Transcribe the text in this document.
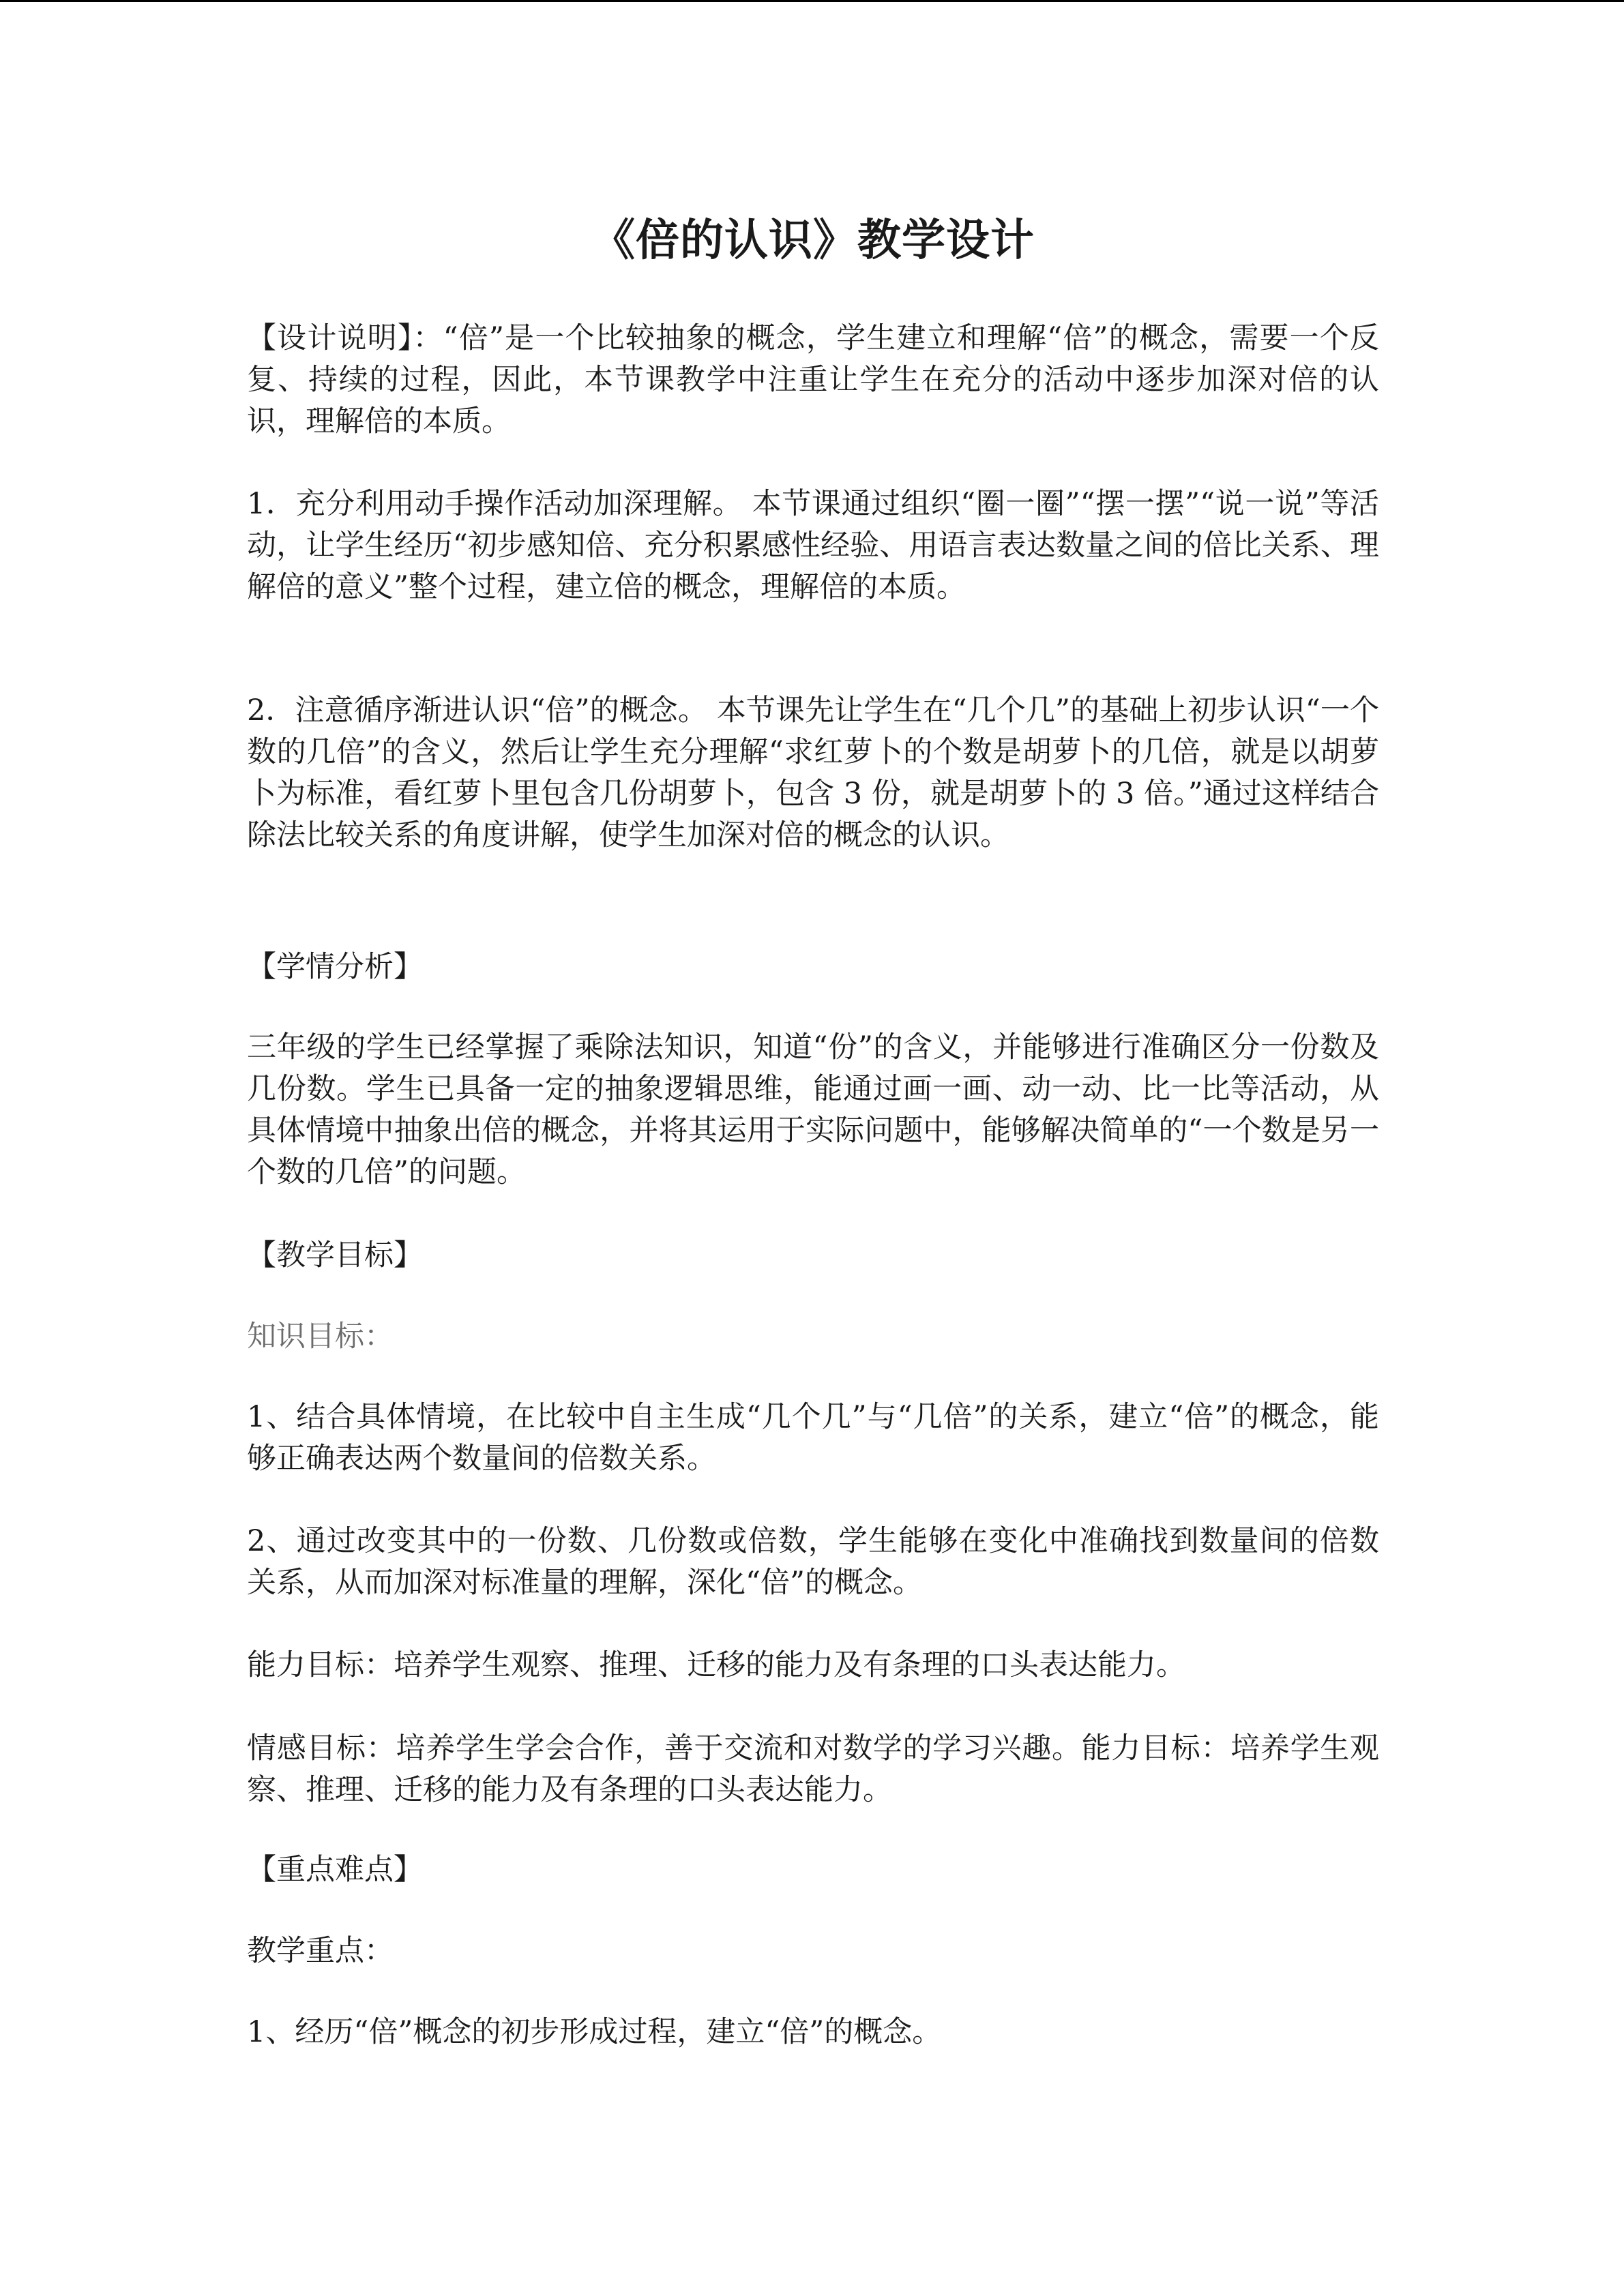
《倍的认识》教学设计

【设计说明】：“倍”是一个比较抽象的概念，学生建立和理解“倍”的概念，需要一个反复、持续的过程，因此，本节课教学中注重让学生在充分的活动中逐步加深对倍的认识，理解倍的本质。

1．充分利用动手操作活动加深理解。 本节课通过组织“圈一圈”“摆一摆”“说一说”等活动，让学生经历“初步感知倍、充分积累感性经验、用语言表达数量之间的倍比关系、理解倍的意义”整个过程，建立倍的概念，理解倍的本质。

2．注意循序渐进认识“倍”的概念。 本节课先让学生在“几个几”的基础上初步认识“一个数的几倍”的含义，然后让学生充分理解“求红萝卜的个数是胡萝卜的几倍，就是以胡萝卜为标准，看红萝卜里包含几份胡萝卜，包含 3 份，就是胡萝卜的 3 倍。”通过这样结合除法比较关系的角度讲解，使学生加深对倍的概念的认识。

【学情分析】

三年级的学生已经掌握了乘除法知识，知道“份”的含义，并能够进行准确区分一份数及几份数。学生已具备一定的抽象逻辑思维，能通过画一画、动一动、比一比等活动，从具体情境中抽象出倍的概念，并将其运用于实际问题中，能够解决简单的“一个数是另一个数的几倍”的问题。

【教学目标】

知识目标：

1、结合具体情境，在比较中自主生成“几个几”与“几倍”的关系，建立“倍”的概念，能够正确表达两个数量间的倍数关系。

2、通过改变其中的一份数、几份数或倍数，学生能够在变化中准确找到数量间的倍数关系，从而加深对标准量的理解，深化“倍”的概念。

能力目标：培养学生观察、推理、迁移的能力及有条理的口头表达能力。

情感目标：培养学生学会合作，善于交流和对数学的学习兴趣。能力目标：培养学生观察、推理、迁移的能力及有条理的口头表达能力。

【重点难点】

教学重点：

1、经历“倍”概念的初步形成过程，建立“倍”的概念。
